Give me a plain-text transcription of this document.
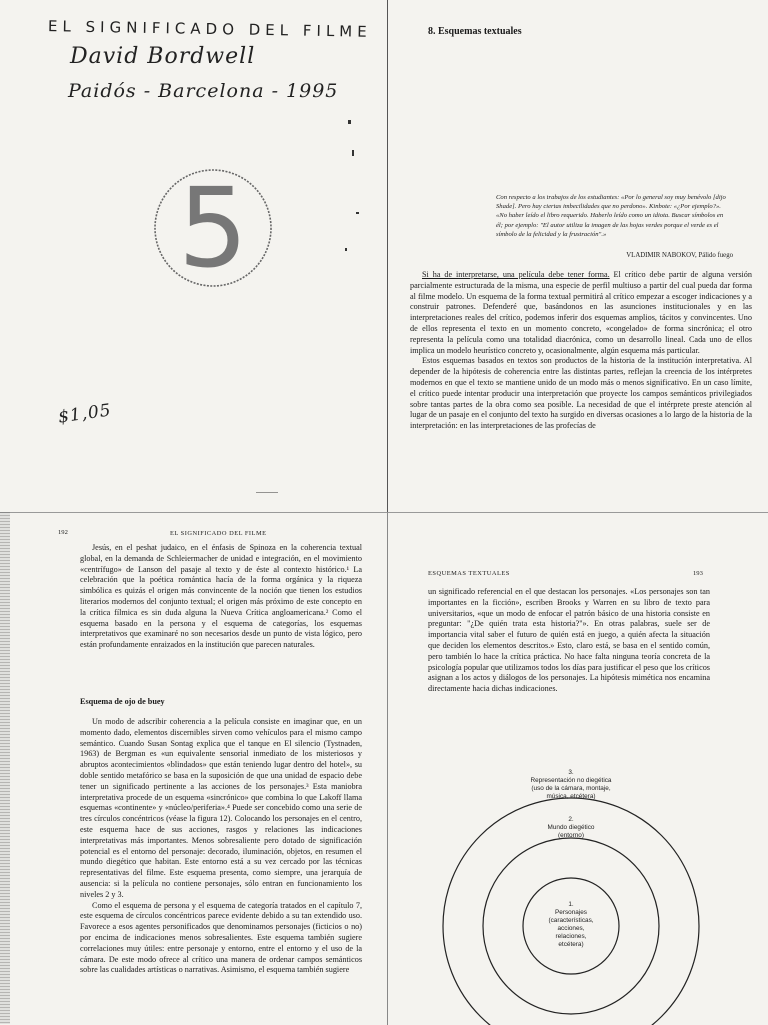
EL SIGNIFICADO DEL FILME
David Bordwell
Paidós - Barcelona - 1995
5
$1,05
8. Esquemas textuales
Con respecto a los trabajos de los estudiantes: «Por lo general soy muy benévolo [dijo Shade]. Pero hay ciertas imbecilidades que no perdono». Kinbote: «¿Por ejemplo?». «No haber leído el libro requerido. Haberlo leído como un idiota. Buscar símbolos en él; por ejemplo: "El autor utiliza la imagen de las hojas verdes porque el verde es el símbolo de la felicidad y la frustración".»
VLADIMIR NABOKOV, Pálido fuego

Si ha de interpretarse, una película debe tener forma. El crítico debe partir de alguna versión parcialmente estructurada de la misma, una especie de perfil multiuso a partir del cual pueda dar forma al filme modelo. Un esquema de la forma textual permitirá al crítico empezar a escoger indicaciones y a construir patrones. Defenderé que, basándonos en las asunciones institucionales y en las interpretaciones reales del crítico, podemos inferir dos esquemas amplios, tácitos y convincentes. Uno de ellos representa el texto en un momento concreto, «congelado» de forma sincrónica; el otro representa la película como una totalidad diacrónica, como un desarrollo lineal. Cada uno de ellos implica un modelo heurístico concreto y, ocasionalmente, algún esquema más particular.

Estos esquemas basados en textos son productos de la historia de la institución interpretativa. Al depender de la hipótesis de coherencia entre las distintas partes, reflejan la creencia de los intérpretes modernos en que el texto se mantiene unido de un modo más o menos significativo. En un caso límite, el crítico puede intentar producir una interpretación que proyecte los campos semánticos privilegiados sobre tantas partes de la obra como sea posible. La necesidad de que el intérprete preste atención al lugar de un pasaje en el conjunto del texto ha surgido en diversas ocasiones a lo largo de la historia de la interpretación: en las interpretaciones de las profecías de

192	EL SIGNIFICADO DEL FILME

Jesús, en el peshat judaico, en el énfasis de Spinoza en la coherencia textual global, en la demanda de Schleiermacher de unidad e integración, en el movimiento «centrífugo» de Lanson del pasaje al texto y de éste al contexto histórico.¹ La celebración que la poética romántica hacía de la forma orgánica y la riqueza simbólica es quizás el origen más convincente de la noción que tienen los estudios literarios modernos del conjunto textual; el origen más próximo de este concepto en la crítica fílmica es sin duda alguna la Nueva Crítica angloamericana.² Como el esquema basado en la persona y el esquema de categorías, los esquemas interpretativos que examinaré no son necesarios desde un punto de vista lógico, pero están profundamente enraizados en la institución que parecen naturales.

Esquema de ojo de buey

Un modo de adscribir coherencia a la película consiste en imaginar que, en un momento dado, elementos discernibles sirven como vehículos para el mismo campo semántico. Cuando Susan Sontag explica que el tanque en El silencio (Tystnaden, 1963) de Bergman es «un equivalente sensorial inmediato de los misteriosos y abruptos acontecimientos «blindados» que están teniendo lugar dentro del hotel», su doble sentido metafórico se basa en la suposición de que una unidad de espacio debe tener un significado pertinente a las acciones de los personajes.³ Esta maniobra interpretativa procede de un esquema «sincrónico» que combina lo que Lakoff llama esquemas «continente» y «núcleo/periferia».⁴ Puede ser concebido como una serie de tres círculos concéntricos (véase la figura 12). Colocando los personajes en el centro, este esquema hace de sus acciones, rasgos y relaciones las indicaciones interpretativas más importantes. Menos sobresaliente pero dotado de significación potencial es el entorno del personaje: decorado, iluminación, objetos, en resumen el mundo diegético que habitan. Este entorno está a su vez cercado por las técnicas representativas del filme. Este esquema presenta, como siempre, una jerarquía de ausencia: si la película no contiene personajes, sólo entran en funcionamiento los niveles 2 y 3.

Como el esquema de persona y el esquema de categoría tratados en el capítulo 7, este esquema de círculos concéntricos parece evidente debido a su tan extendido uso. Favorece a esos agentes personificados que denominamos personajes (ficticios o no) por encima de indicaciones menos sobresalientes. Este esquema también sugiere correlaciones muy útiles: entre personaje y entorno, entre el entorno y el uso de la cámara. De este modo ofrece al crítico una manera de ordenar campos semánticos sobre las cualidades artísticas o narrativas. Asimismo, el esquema también sugiere

ESQUEMAS TEXTUALES	193

un significado referencial en el que destacan los personajes. «Los personajes son tan importantes en la ficción», escriben Brooks y Warren en su libro de texto para universitarios, «que un modo de enfocar el patrón básico de una historia consiste en preguntar: "¿De quién trata esta historia?"». En otras palabras, suele ser de importancia vital saber el futuro de quién está en juego, a quién afecta la situación que deciden los elementos descritos.» Esto, claro está, se basa en el sentido común, pero también lo hace la crítica práctica. No hace falta ninguna teoría concreta de la psicología popular que utilizamos todos los días para justificar el peso que los críticos asignan a los actos y diálogos de los personajes. La hipótesis mimética nos encamina directamente hacia dichas indicaciones.

3.
Representación no diegética
(uso de la cámara, montaje,
música, etcétera)
2.
Mundo diegético
(entorno)
1.
Personajes
(características,
acciones,
relaciones,
etcétera)
